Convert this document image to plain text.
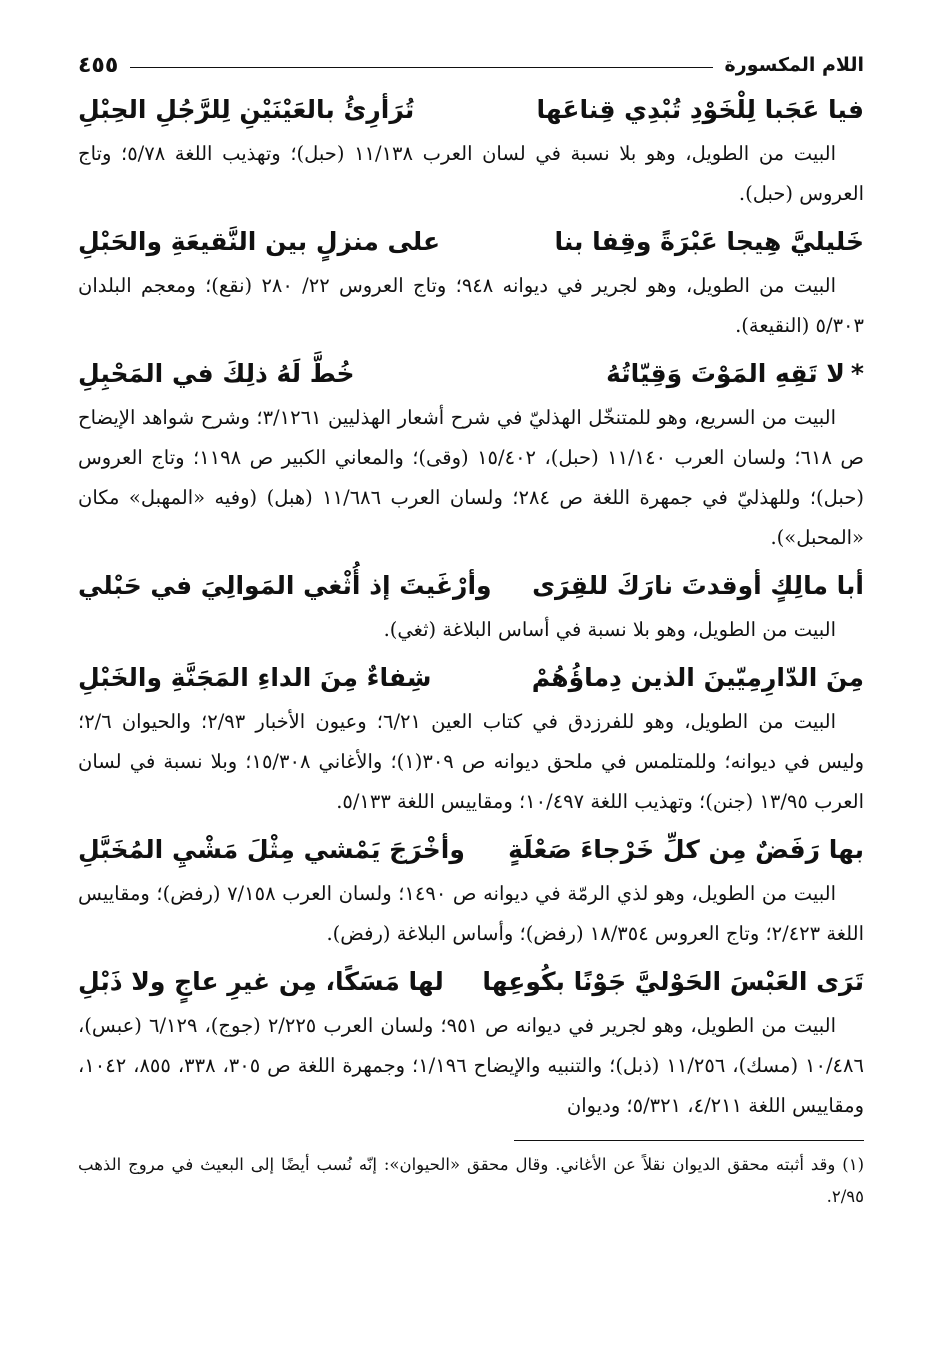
اللام المكسورة
٤٥٥
فيا عَجَبا لِلْخَوْدِ تُبْدِي قِناعَها
تُرَأرِئُ بالعَيْنَيْنِ لِلرَّجُلِ الحِبْلِ

البيت من الطويل، وهو بلا نسبة في لسان العرب ١١/١٣٨ (حبل)؛ وتهذيب اللغة ٥/٧٨؛ وتاج العروس (حبل).

خَليليَّ هِيجا عَبْرَةً وقِفا بنا
على منزلٍ بين النَّقيعَةِ والحَبْلِ

البيت من الطويل، وهو لجرير في ديوانه ٩٤٨؛ وتاج العروس ٢٢/ ٢٨٠ (نقع)؛ ومعجم البلدان ٥/٣٠٣ (النقيعة).

*لا تَقِهِ المَوْتَ وَقِيّاتُهُ
خُطَّ لَهُ ذلِكَ في المَحْبِلِ

البيت من السريع، وهو للمتنخّل الهذليّ في شرح أشعار الهذليين ٣/١٢٦١؛ وشرح شواهد الإيضاح ص ٦١٨؛ ولسان العرب ١١/١٤٠ (حبل)، ١٥/٤٠٢ (وقى)؛ والمعاني الكبير ص ١١٩٨؛ وتاج العروس (حبل)؛ وللهذليّ في جمهرة اللغة ص ٢٨٤؛ ولسان العرب ١١/٦٨٦ (هبل) (وفيه «المهبل» مكان «المحبل»).

أبا مالِكٍ أوقدتَ نارَكَ للقِرَى
وأرْغَيتَ إذ أُثْغي المَوالِيَ في حَبْلي

البيت من الطويل، وهو بلا نسبة في أساس البلاغة (ثغي).

مِنَ الدّارِمِيّينَ الذين دِماؤُهُمْ
شِفاءٌ مِنَ الداءِ المَجَنَّةِ والخَبْلِ

البيت من الطويل، وهو للفرزدق في كتاب العين ٦/٢١؛ وعيون الأخبار ٢/٩٣؛ والحيوان ٢/٦؛ وليس في ديوانه؛ وللمتلمس في ملحق ديوانه ص ٣٠٩(١)؛ والأغاني ١٥/٣٠٨؛ وبلا نسبة في لسان العرب ١٣/٩٥ (جنن)؛ وتهذيب اللغة ١٠/٤٩٧؛ ومقاييس اللغة ٥/١٣٣.

بها رَفَضٌ مِن كلِّ خَرْجاءَ صَعْلَةٍ
وأخْرَجَ يَمْشي مِثْلَ مَشْيِ المُخَبَّلِ

البيت من الطويل، وهو لذي الرمّة في ديوانه ص ١٤٩٠؛ ولسان العرب ٧/١٥٨ (رفض)؛ ومقاييس اللغة ٢/٤٢٣؛ وتاج العروس ١٨/٣٥٤ (رفض)؛ وأساس البلاغة (رفض).

تَرَى العَبْسَ الحَوْليَّ جَوْنًا بكُوعِها
لها مَسَكًا، مِن غيرِ عاجٍ ولا ذَبْلِ

البيت من الطويل، وهو لجرير في ديوانه ص ٩٥١؛ ولسان العرب ٢/٢٢٥ (جوج)، ٦/١٢٩ (عبس)، ١٠/٤٨٦ (مسك)، ١١/٢٥٦ (ذبل)؛ والتنبيه والإيضاح ١/١٩٦؛ وجمهرة اللغة ص ٣٠٥، ٣٣٨، ٨٥٥، ١٠٤٢، ومقاييس اللغة ٤/٢١١، ٥/٣٢١؛ وديوان

(١) وقد أثبته محقق الديوان نقلاً عن الأغاني. وقال محقق «الحيوان»: إنّه نُسب أيضًا إلى البعيث في مروج الذهب ٢/٩٥.
